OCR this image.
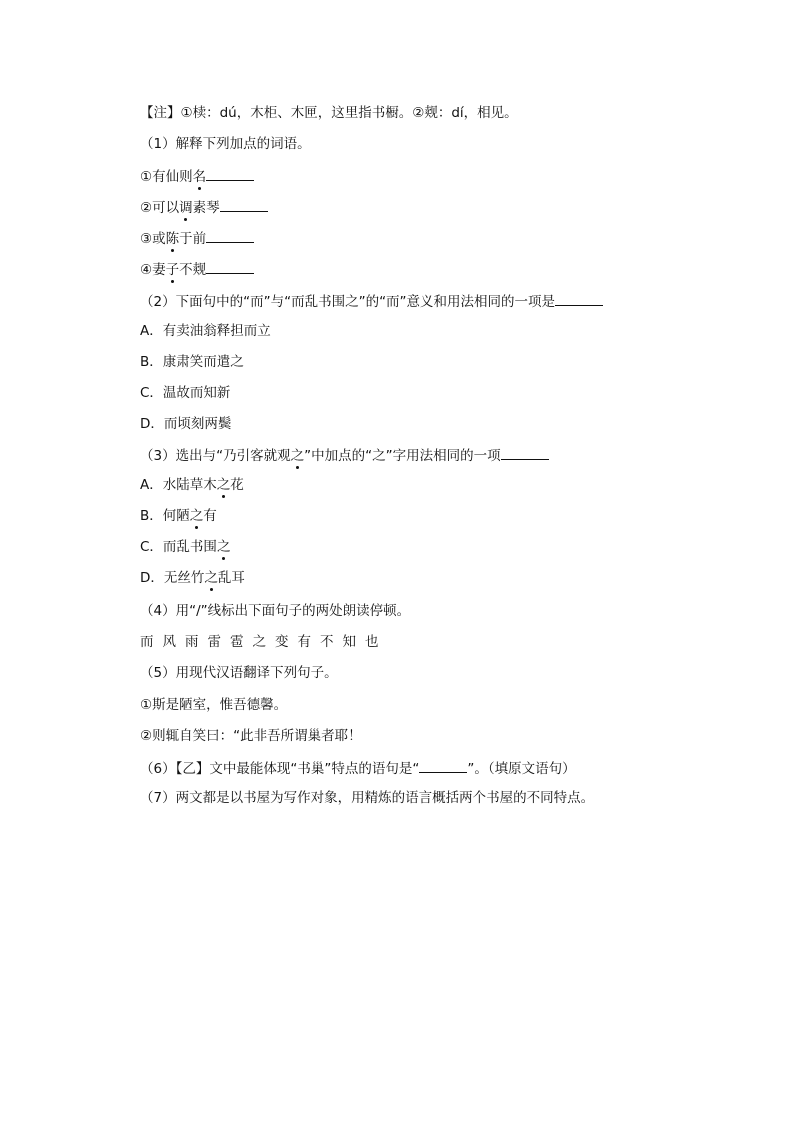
【注】①椟：dú，木柜、木匣，这里指书橱。②觌：dí，相见。
（1）解释下列加点的词语。
①有仙则名
②可以调素琴
③或陈于前
④妻子不觌
（2）下面句中的“而”与“而乱书围之”的“而”意义和用法相同的一项是
A．有卖油翁释担而立
B．康肃笑而遣之
C．温故而知新
D．而顷刻两鬓
（3）选出与“乃引客就观之”中加点的“之”字用法相同的一项
A．水陆草木之花
B．何陋之有
C．而乱书围之
D．无丝竹之乱耳
（4）用“/”线标出下面句子的两处朗读停顿。
而风雨雷雹之变有不知也
（5）用现代汉语翻译下列句子。
①斯是陋室，惟吾德馨。
②则辄自笑曰：“此非吾所谓巢者耶！
（6）【乙】文中最能体现“书巢”特点的语句是“	”。（填原文语句）
（7）两文都是以书屋为写作对象，用精炼的语言概括两个书屋的不同特点。
